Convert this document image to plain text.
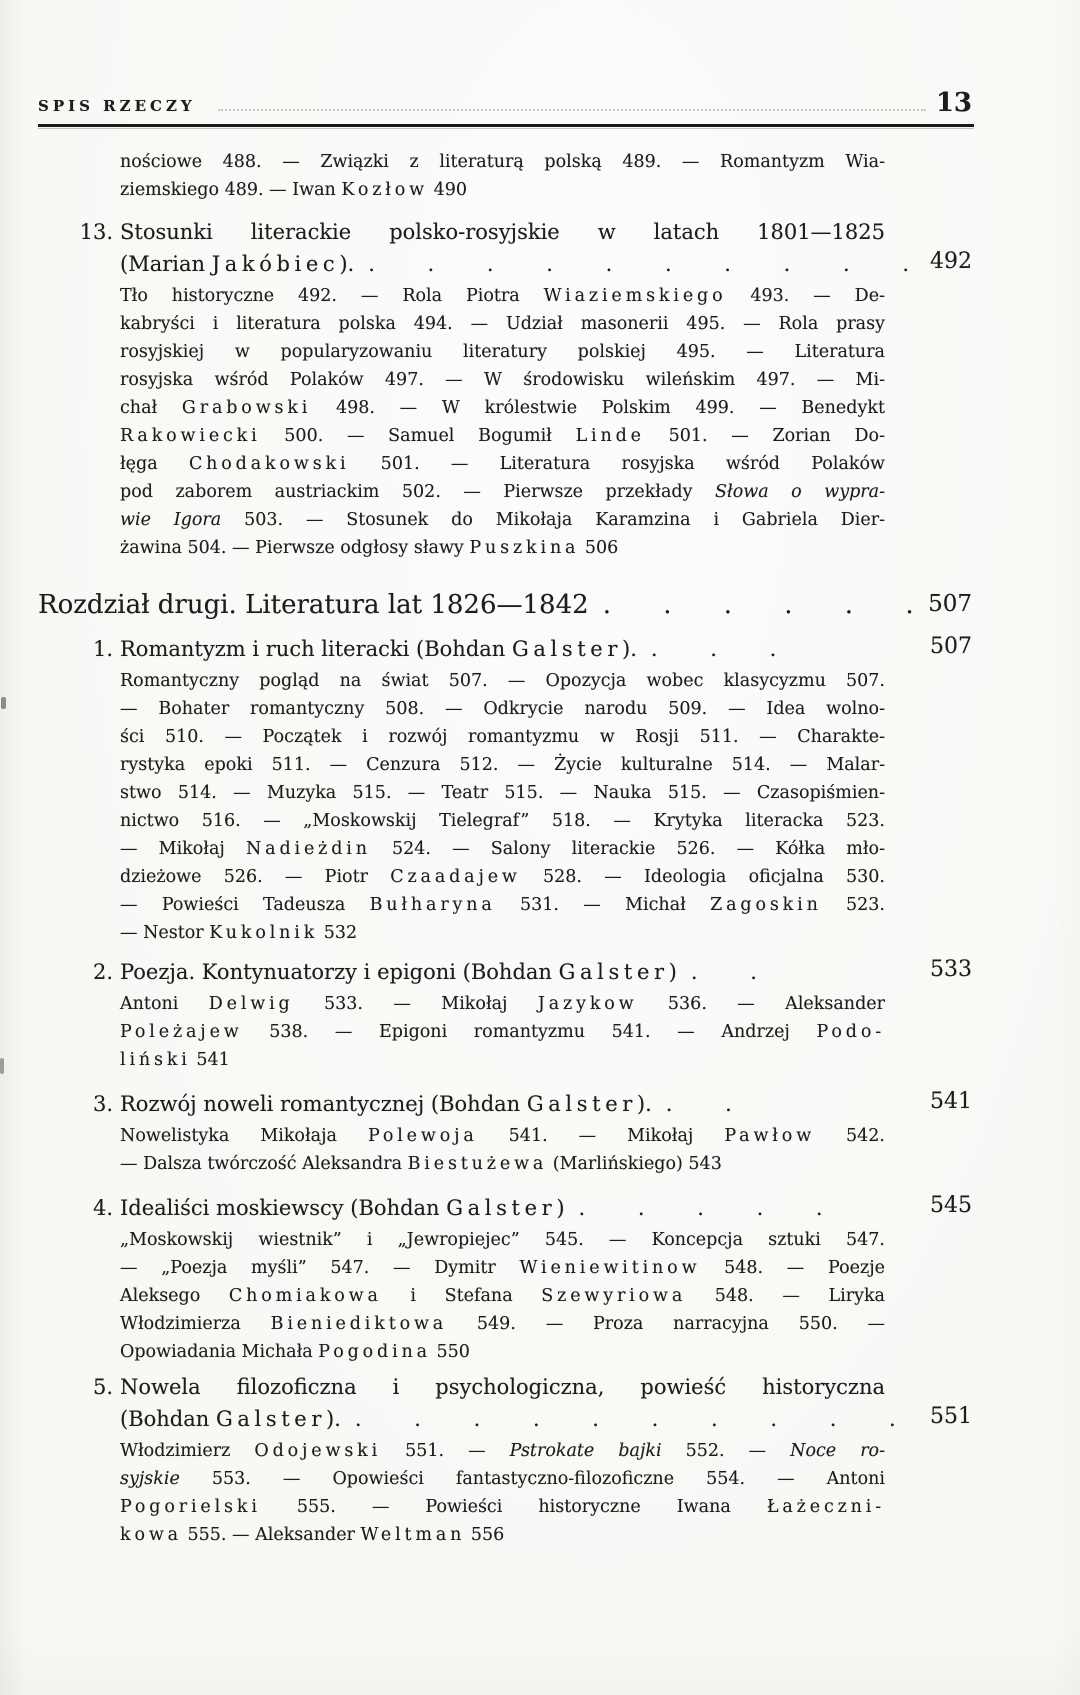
SPIS RZECZY	13
nościowe 488. — Związki z literaturą polską 489. — Romantyzm Wia-
ziemskiego 489. — Iwan Kozłow 490
13. Stosunki literackie polsko-rosyjskie w latach 1801—1825
(Marian Jakóbiec). . . . . . . . . . . 492
Tło historyczne 492. — Rola Piotra Wiaziemskiego 493. — De-
kabryści i literatura polska 494. — Udział masonerii 495. — Rola prasy
rosyjskiej w popularyzowaniu literatury polskiej 495. — Literatura
rosyjska wśród Polaków 497. — W środowisku wileńskim 497. — Mi-
chał Grabowski 498. — W królestwie Polskim 499. — Benedykt
Rakowiecki 500. — Samuel Bogumił Linde 501. — Zorian Do-
łęga Chodakowski 501. — Literatura rosyjska wśród Polaków
pod zaborem austriackim 502. — Pierwsze przekłady Słowa o wypra-
wie Igora 503. — Stosunek do Mikołaja Karamzina i Gabriela Dier-
żawina 504. — Pierwsze odgłosy sławy Puszkina 506
Rozdział drugi. Literatura lat 1826—1842 . . . . . . 507
1. Romantyzm i ruch literacki (Bohdan Galster). . . .	507
Romantyczny pogląd na świat 507. — Opozycja wobec klasycyzmu 507.
— Bohater romantyczny 508. — Odkrycie narodu 509. — Idea wolno-
ści 510. — Początek i rozwój romantyzmu w Rosji 511. — Charakte-
rystyka epoki 511. — Cenzura 512. — Życie kulturalne 514. — Malar-
stwo 514. — Muzyka 515. — Teatr 515. — Nauka 515. — Czasopiśmien-
nictwo 516. — „Moskowskij Tielegraf” 518. — Krytyka literacka 523.
— Mikołaj Nadieżdin 524. — Salony literackie 526. — Kółka mło-
dzieżowe 526. — Piotr Czaadajew 528. — Ideologia oficjalna 530.
— Powieści Tadeusza Bułharyna 531. — Michał Zagoskin 523.
— Nestor Kukolnik 532
2. Poezja. Kontynuatorzy i epigoni (Bohdan Galster) . .	533
Antoni Delwig 533. — Mikołaj Jazykow 536. — Aleksander
Poleżajew 538. — Epigoni romantyzmu 541. — Andrzej Podo-
liński 541
3. Rozwój noweli romantycznej (Bohdan Galster). . .	541
Nowelistyka Mikołaja Polewoja 541. — Mikołaj Pawłow 542.
— Dalsza twórczość Aleksandra Biestużewa (Marlińskiego) 543
4. Idealiści moskiewscy (Bohdan Galster) . . . . .	545
„Moskowskij wiestnik” i „Jewropiejec” 545. — Koncepcja sztuki 547.
— „Poezja myśli” 547. — Dymitr Wieniewitinow 548. — Poezje
Aleksego Chomiakowa i Stefana Szewyriowa 548. — Liryka
Włodzimierza Bieniediktowa 549. — Proza narracyjna 550. —
Opowiadania Michała Pogodina 550
5. Nowela filozoficzna i psychologiczna, powieść historyczna
(Bohdan Galster). . . . . . . . . . . 551
Włodzimierz Odojewski 551. — Pstrokate bajki 552. — Noce ro-
syjskie 553. — Opowieści fantastyczno-filozoficzne 554. — Antoni
Pogorielski 555. — Powieści historyczne Iwana Łażeczni-
kowa 555. — Aleksander Weltman 556
